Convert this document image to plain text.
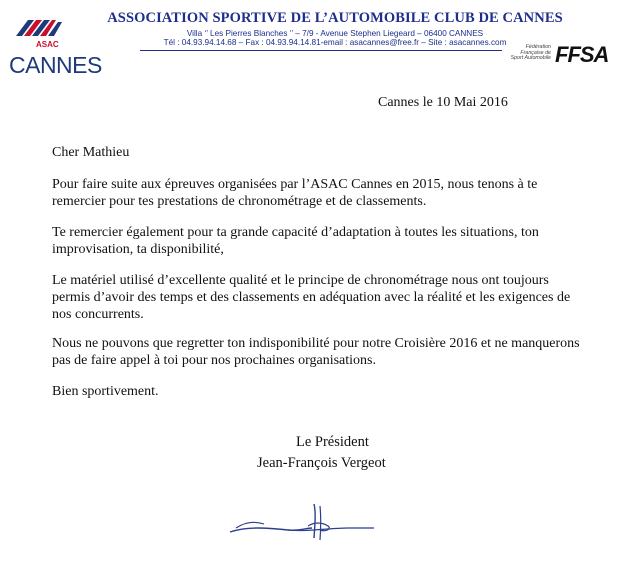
ASAC
CANNES
ASSOCIATION SPORTIVE DE L’AUTOMOBILE CLUB DE CANNES
Villa ‘’ Les Pierres Blanches ‘’ – 7/9 - Avenue Stephen Liegeard – 06400 CANNES
Tél : 04.93.94.14.68 – Fax : 04.93.94.14.81-email : asacannes@free.fr – Site : asacannes.com	Fédération
Française de
Sport Automobile FFSA
Cannes le 10 Mai 2016
Cher Mathieu
Pour faire suite aux épreuves organisées par l’ASAC Cannes en 2015, nous tenons à te
remercier pour tes prestations de chronométrage et de classements.
Te remercier également pour ta grande capacité d’adaptation à toutes les situations, ton
improvisation, ta disponibilité,
Le matériel utilisé d’excellente qualité et le principe de chronométrage nous ont toujours
permis d’avoir des temps et des classements en adéquation avec la réalité et les exigences de
nos concurrents.
Nous ne pouvons que regretter ton indisponibilité pour notre Croisière 2016 et ne manquerons
pas de faire appel à toi pour nos prochaines organisations.
Bien sportivement.
Le Président
Jean-François Vergeot
